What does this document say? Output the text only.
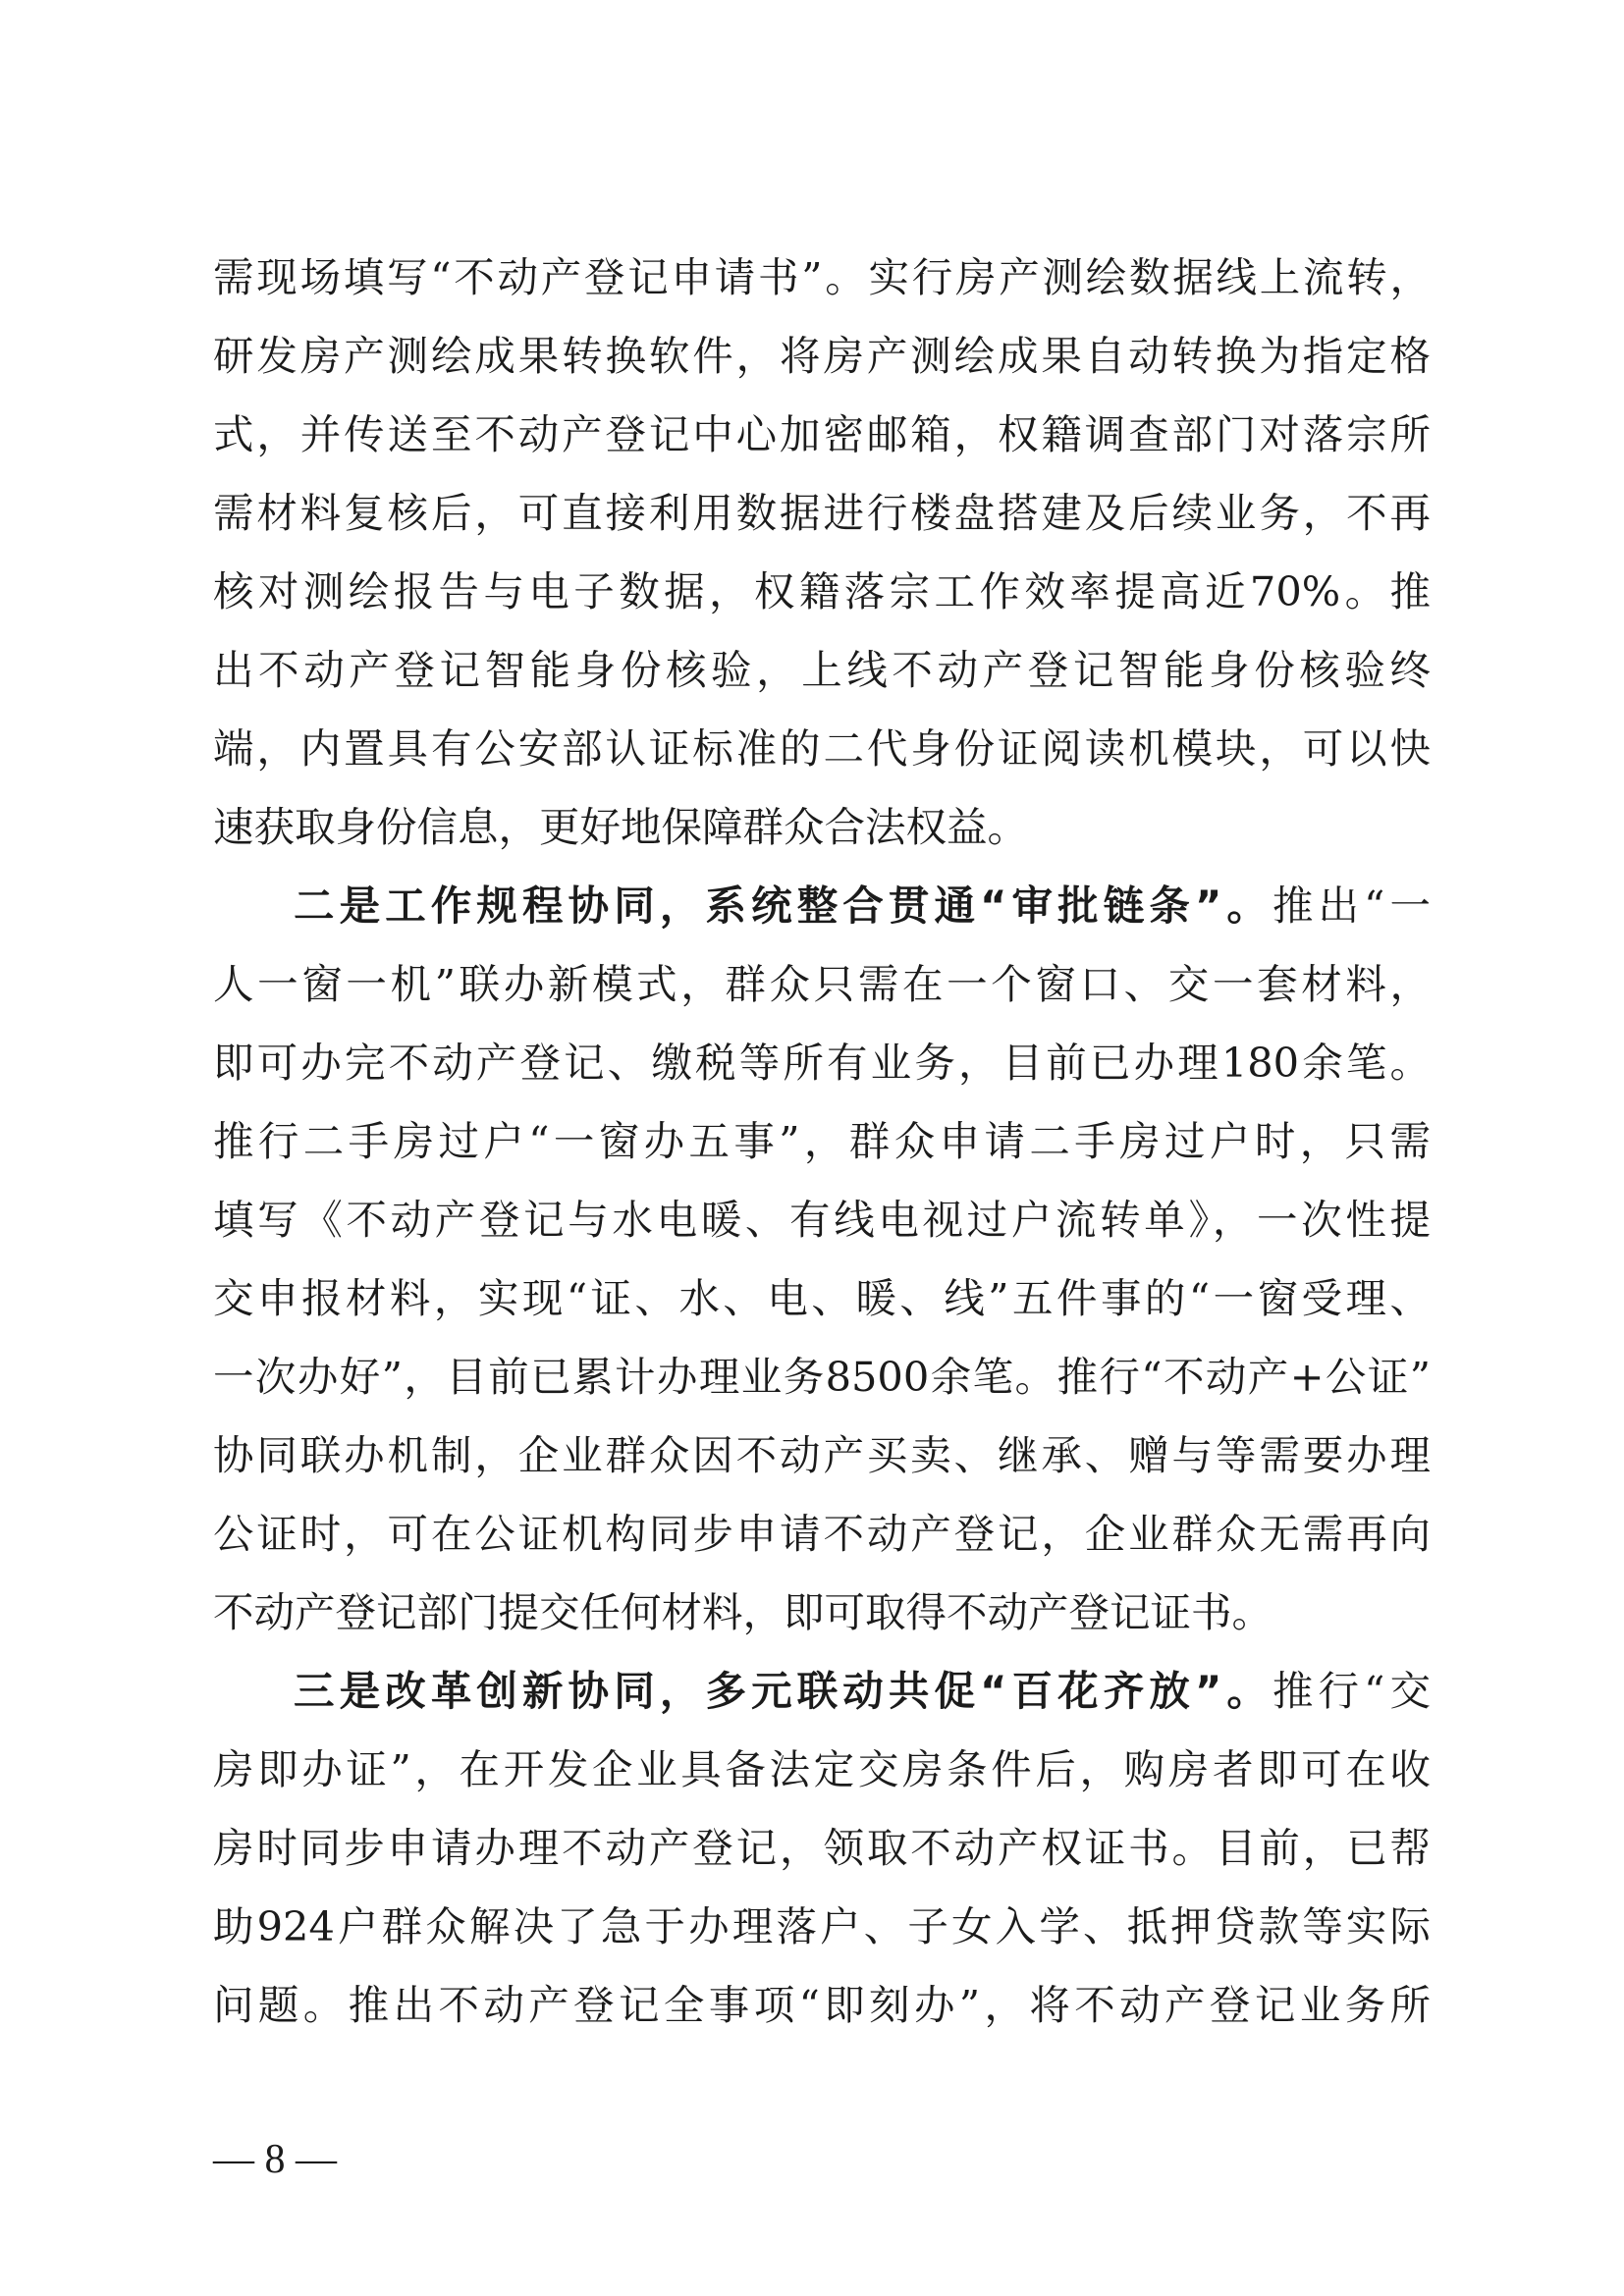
需现场填写“不动产登记申请书”。实行房产测绘数据线上流转，
研发房产测绘成果转换软件，将房产测绘成果自动转换为指定格
式，并传送至不动产登记中心加密邮箱，权籍调查部门对落宗所
需材料复核后，可直接利用数据进行楼盘搭建及后续业务，不再
核对测绘报告与电子数据，权籍落宗工作效率提高近70%。推
出不动产登记智能身份核验，上线不动产登记智能身份核验终
端，内置具有公安部认证标准的二代身份证阅读机模块，可以快
速获取身份信息，更好地保障群众合法权益。
二是工作规程协同，系统整合贯通“审批链条”。推出“一
人一窗一机”联办新模式，群众只需在一个窗口、交一套材料，
即可办完不动产登记、缴税等所有业务，目前已办理180余笔。
推行二手房过户“一窗办五事”，群众申请二手房过户时，只需
填写《不动产登记与水电暖、有线电视过户流转单》，一次性提
交申报材料，实现“证、水、电、暖、线”五件事的“一窗受理、
一次办好”，目前已累计办理业务8500余笔。推行“不动产+公证”
协同联办机制，企业群众因不动产买卖、继承、赠与等需要办理
公证时，可在公证机构同步申请不动产登记，企业群众无需再向
不动产登记部门提交任何材料，即可取得不动产登记证书。
三是改革创新协同，多元联动共促“百花齐放”。推行“交
房即办证”，在开发企业具备法定交房条件后，购房者即可在收
房时同步申请办理不动产登记，领取不动产权证书。目前，已帮
助924户群众解决了急于办理落户、子女入学、抵押贷款等实际
问题。推出不动产登记全事项“即刻办”，将不动产登记业务所
— 8 —
